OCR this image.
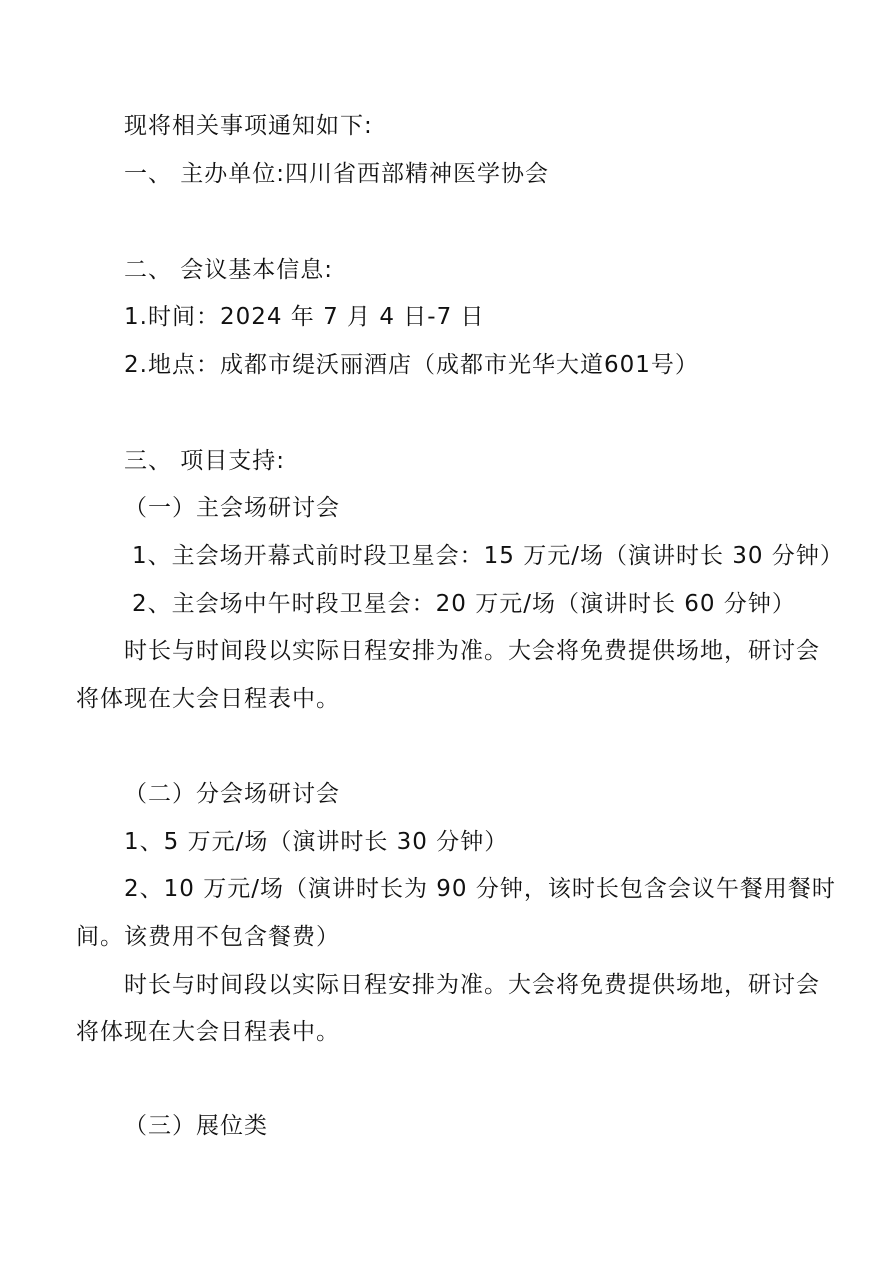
现将相关事项通知如下:
一、 主办单位:四川省西部精神医学协会
二、 会议基本信息:
1.时间：2024 年 7 月 4 日-7 日
2.地点：成都市缇沃丽酒店（成都市光华大道601号）
三、 项目支持:
（一）主会场研讨会
1、主会场开幕式前时段卫星会：15 万元/场（演讲时长 30 分钟）
2、主会场中午时段卫星会：20 万元/场（演讲时长 60 分钟）
时长与时间段以实际日程安排为准。大会将免费提供场地，研讨会
将体现在大会日程表中。
（二）分会场研讨会
1、5 万元/场（演讲时长 30 分钟）
2、10 万元/场（演讲时长为 90 分钟，该时长包含会议午餐用餐时
间。该费用不包含餐费）
时长与时间段以实际日程安排为准。大会将免费提供场地，研讨会
将体现在大会日程表中。
（三）展位类
